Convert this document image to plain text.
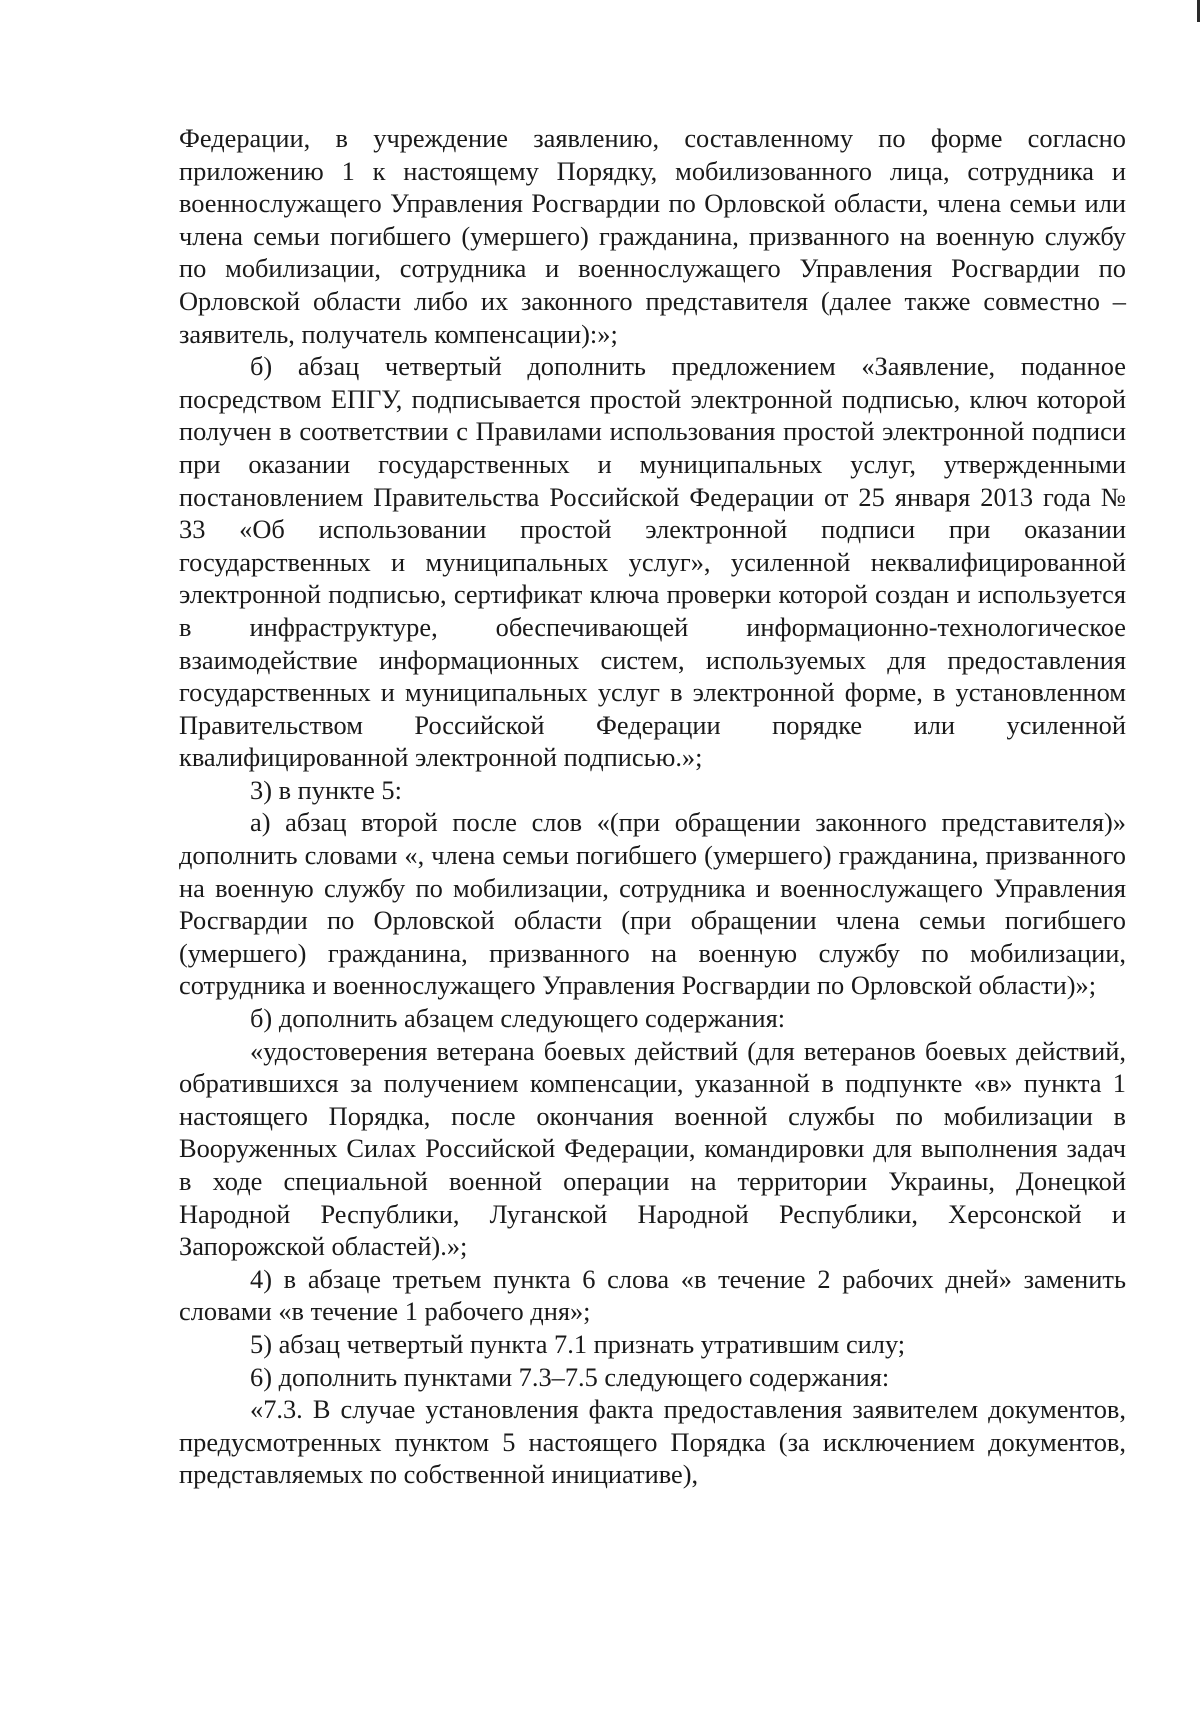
Федерации, в учреждение заявлению, составленному по форме согласно приложению 1 к настоящему Порядку, мобилизованного лица, сотрудника и военнослужащего Управления Росгвардии по Орловской области, члена семьи или члена семьи погибшего (умершего) гражданина, призванного на военную службу по мобилизации, сотрудника и военнослужащего Управления Росгвардии по Орловской области либо их законного представителя (далее также совместно – заявитель, получатель компенсации):»;

б) абзац четвертый дополнить предложением «Заявление, поданное посредством ЕПГУ, подписывается простой электронной подписью, ключ которой получен в соответствии с Правилами использования простой электронной подписи при оказании государственных и муниципальных услуг, утвержденными постановлением Правительства Российской Федерации от 25 января 2013 года № 33 «Об использовании простой электронной подписи при оказании государственных и муниципальных услуг», усиленной неквалифицированной электронной подписью, сертификат ключа проверки которой создан и используется в инфраструктуре, обеспечивающей информационно-технологическое взаимодействие информационных систем, используемых для предоставления государственных и муниципальных услуг в электронной форме, в установленном Правительством Российской Федерации порядке или усиленной квалифицированной электронной подписью.»;

3) в пункте 5:

а) абзац второй после слов «(при обращении законного представителя)» дополнить словами «, члена семьи погибшего (умершего) гражданина, призванного на военную службу по мобилизации, сотрудника и военнослужащего Управления Росгвардии по Орловской области (при обращении члена семьи погибшего (умершего) гражданина, призванного на военную службу по мобилизации, сотрудника и военнослужащего Управления Росгвардии по Орловской области)»;

б) дополнить абзацем следующего содержания:

«удостоверения ветерана боевых действий (для ветеранов боевых действий, обратившихся за получением компенсации, указанной в подпункте «в» пункта 1 настоящего Порядка, после окончания военной службы по мобилизации в Вооруженных Силах Российской Федерации, командировки для выполнения задач в ходе специальной военной операции на территории Украины, Донецкой Народной Республики, Луганской Народной Республики, Херсонской и Запорожской областей).»;

4) в абзаце третьем пункта 6 слова «в течение 2 рабочих дней» заменить словами «в течение 1 рабочего дня»;

5) абзац четвертый пункта 7.1 признать утратившим силу;

6) дополнить пунктами 7.3–7.5 следующего содержания:

«7.3. В случае установления факта предоставления заявителем документов, предусмотренных пунктом 5 настоящего Порядка (за исключением документов, представляемых по собственной инициативе),
